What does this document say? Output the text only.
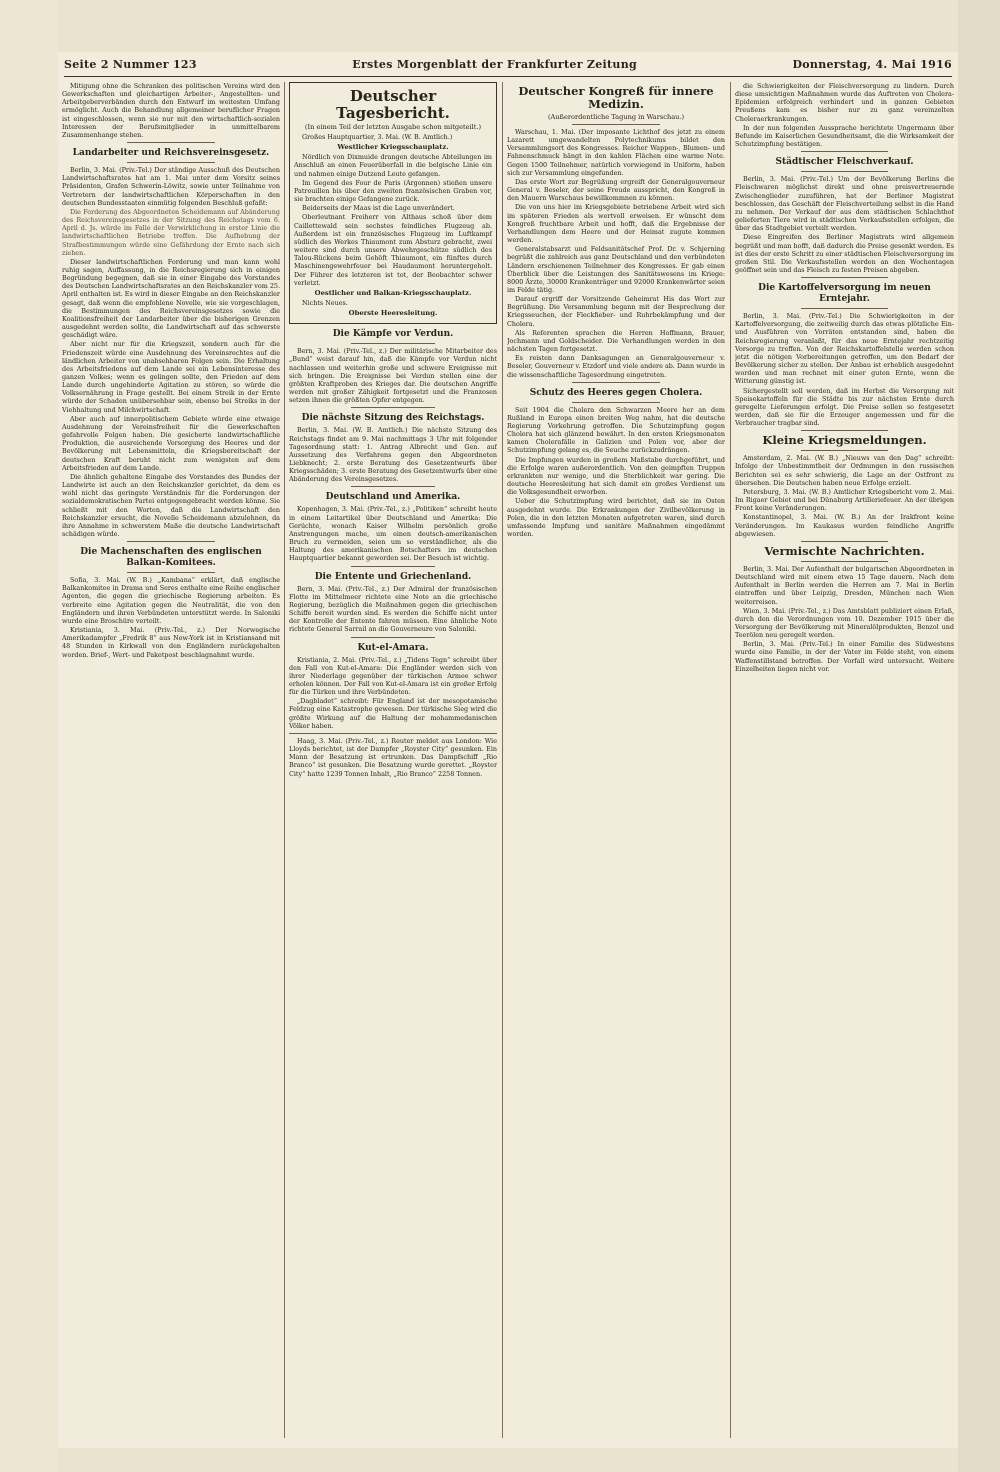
Seite 2 Nummer 123	Erstes Morgenblatt der Frankfurter Zeitung	Donnerstag, 4. Mai 1916

Mitigung ohne die Schranken des politischen Vereins wird den Gewerkschaften und gleichartigen Arbeiter-, Angestellten- und Arbeitgeberverbänden durch den Entwurf im weitesten Umfang ermöglicht. Auch die Behandlung allgemeiner beruflicher Fragen ist eingeschlossen, wenn sie nur mit den wirtschaftlich-sozialen Interessen der Berufsmitglieder in unmittelbarem Zusammenhange stehen.

Landarbeiter und Reichsvereinsgesetz.

Berlin, 3. Mai. (Priv.-Tel.) Der ständige Ausschuß des Deutschen Landwirtschaftsrates hat am 1. Mai unter dem Vorsitz seines Präsidenten, Grafen Schwerin-Löwitz, sowie unter Teilnahme von Vertretern der landwirtschaftlichen Körperschaften in den deutschen Bundesstaaten einmütig folgenden Beschluß gefaßt:

Die Forderung des Abgeordneten Scheidemann auf Abänderung des Reichsvereinsgesetzes in der Sitzung des Reichstags vom 6. April d. Js. würde im Falle der Verwirklichung in erster Linie die landwirtschaftlichen Betriebe treffen. Die Aufhebung der Strafbestimmungen würde eine Gefährdung der Ernte nach sich ziehen.

Dieser landwirtschaftlichen Forderung und man kann wohl ruhig sagen, Auffassung, in die Reichsregierung sich in einigen Begründung begegnen, daß sie in einer Eingabe des Vorstandes des Deutschen Landwirtschaftsrates an den Reichskanzler vom 25. April enthalten ist. Es wird in dieser Eingabe an den Reichskanzler gesagt, daß wenn die empfohlene Novelle, wie sie vorgeschlagen, die Bestimmungen des Reichsvereinsgesetzes sowie die Koalitionsfreiheit der Landarbeiter über die bisherigen Grenzen ausgedehnt werden sollte, die Landwirtschaft auf das schwerste geschädigt wäre.

Aber nicht nur für die Kriegszeit, sondern auch für die Friedenszeit würde eine Ausdehnung des Vereinsrechtes auf die ländlichen Arbeiter von unabsehbaren Folgen sein. Die Erhaltung des Arbeitsfriedens auf dem Lande sei ein Lebensinteresse des ganzen Volkes; wenn es gelingen sollte, den Frieden auf dem Lande durch ungehinderte Agitation zu stören, so würde die Volksernährung in Frage gestellt. Bei einem Streik in der Ernte würde der Schaden unübersehbar sein, ebenso bei Streiks in der Viehhaltung und Milchwirtschaft.

Aber auch auf innerpolitischem Gebiete würde eine etwaige Ausdehnung der Vereinsfreiheit für die Gewerkschaften gefahrvolle Folgen haben. Die gesicherte landwirtschaftliche Produktion, die ausreichende Versorgung des Heeres und der Bevölkerung mit Lebensmitteln, die Kriegsbereitschaft der deutschen Kraft beruht nicht zum wenigsten auf dem Arbeitsfrieden auf dem Lande.

Die ähnlich gehaltene Eingabe des Vorstandes des Bundes der Landwirte ist auch an den Reichskanzler gerichtet, da dem es wohl nicht das geringste Verständnis für die Forderungen der sozialdemokratischen Partei entgegengebracht werden könne. Sie schließt mit den Worten, daß die Landwirtschaft den Reichskanzler ersucht, die Novelle Scheidemann abzulehnen, da ihre Annahme in schwerstem Maße die deutsche Landwirtschaft schädigen würde.

Die Machenschaften des englischen Balkan-Komitees.

Sofia, 3. Mai. (W. B.) „Kambana“ erklärt, daß englische Balkankomitee in Drama und Seres enthalte eine Reihe englischer Agenten, die gegen die griechische Regierung arbeiten. Es verbreite eine Agitation gegen die Neutralität, die von den Engländern und ihren Verbündeten unterstützt werde. In Saloniki wurde eine Broschüre verteilt.

Kristiania, 3. Mai. (Priv.-Tel., z.) Der Norwegische Amerikadampfer „Fredrik 8“ aus New-York ist in Kristiansand mit 48 Stunden in Kirkwall von den Engländern zurückgehalten worden. Brief-, Wert- und Paketpost beschlagnahmt wurde.

Deutscher Tagesbericht.
(In einem Teil der letzten Ausgabe schon mitgeteilt.)

Großes Hauptquartier, 3. Mai. (W. B. Amtlich.)

Westlicher Kriegsschauplatz.

Nördlich von Dixmuide drangen deutsche Abteilungen im Anschluß an einen Feuerüberfall in die belgische Linie ein und nahmen einige Dutzend Leute gefangen.

Im Gegend des Four de Paris (Argonnen) stießen unsere Patrouillen bis über den zweiten französischen Graben vor, sie brachten einige Gefangene zurück.

Beiderseits der Maas ist die Lage unverändert.

Oberleutnant Freiherr von Althaus schoß über dem Caillettewald sein sechstes feindliches Flugzeug ab. Außerdem ist ein französisches Flugzeug im Luftkampf südlich des Werkes Thiaumont zum Absturz gebracht, zwei weitere sind durch unsere Abwehrgeschütze südlich des Talou-Rückens beim Gehöft Thiaumont, ein fünftes durch Maschinengewehrfeuer bei Haudaumont heruntergeholt. Der Führer des letzteren ist tot, der Beobachter schwer verletzt.

Oestlicher und Balkan-Kriegsschauplatz.

Nichts Neues.

Oberste Heeresleitung.
Die Kämpfe vor Verdun.

Bern, 3. Mai. (Priv.-Tel., z.) Der militärische Mitarbeiter des „Bund“ weist darauf hin, daß die Kämpfe vor Verdun nicht nachlassen und weiterhin große und schwere Ereignisse mit sich bringen. Die Ereignisse bei Verdun stellen eine der größten Kraftproben des Krieges dar. Die deutschen Angriffe werden mit großer Zähigkeit fortgesetzt und die Franzosen setzen ihnen die größten Opfer entgegen.

Die nächste Sitzung des Reichstags.

Berlin, 3. Mai. (W. B. Amtlich.) Die nächste Sitzung des Reichstags findet am 9. Mai nachmittags 3 Uhr mit folgender Tagesordnung statt: 1. Antrag Albrecht und Gen. auf Aussetzung des Verfahrens gegen den Abgeordneten Liebknecht; 2. erste Beratung des Gesetzentwurfs über Kriegsschäden; 3. erste Beratung des Gesetzentwurfs über eine Abänderung des Vereinsgesetzes.

Deutschland und Amerika.

Kopenhagen, 3. Mai. (Priv.-Tel., z.) „Politiken“ schreibt heute in einem Leitartikel über Deutschland und Amerika: Die Gerüchte, wonach Kaiser Wilhelm persönlich große Anstrengungen mache, um einen deutsch-amerikanischen Bruch zu vermeiden, seien um so verständlicher, als die Haltung des amerikanischen Botschafters im deutschen Hauptquartier bekannt geworden sei. Der Besuch ist wichtig.

Die Entente und Griechenland.

Bern, 3. Mai. (Priv.-Tel., z.) Der Admiral der französischen Flotte im Mittelmeer richtete eine Note an die griechische Regierung, bezüglich die Maßnahmen gegen die griechischen Schiffe bereit wurden sind. Es werden die Schiffe nicht unter der Kontrolle der Entente fahren müssen. Eine ähnliche Note richtete General Sarrail an die Gouverneure von Saloniki.

Kut-el-Amara.

Kristiania, 2. Mai. (Priv.-Tel., z.) „Tidens Tegn“ schreibt über den Fall von Kut-el-Amara: Die Engländer werden sich von ihrer Niederlage gegenüber der türkischen Armee schwer erholen können. Der Fall von Kut-el-Amara ist ein großer Erfolg für die Türken und ihre Verbündeten.

„Dagbladet“ schreibt: Für England ist der mesopotamische Feldzug eine Katastrophe gewesen. Der türkische Sieg wird die größte Wirkung auf die Haltung der mohammedanischen Völker haben.

Haag, 3. Mai. (Priv.-Tel., z.) Reuter meldet aus London: Wie Lloyds berichtet, ist der Dampfer „Royster City“ gesunken. Ein Mann der Besatzung ist ertrunken. Das Dampfschiff „Rio Branco“ ist gesunken. Die Besatzung wurde gerettet. „Royster City“ hatte 1239 Tonnen Inhalt, „Rio Branco“ 2258 Tonnen.

Deutscher Kongreß für innere Medizin.
(Außerordentliche Tagung in Warschau.)

Warschau, 1. Mai. (Der imposante Lichthof des jetzt zu einem Lazarett umgewandelten Polytechnikums bildet den Versammlungsort des Kongresses. Reicher Wappen-, Blumen- und Fahnenschmuck hängt in den kahlen Flächen eine warme Note. Gegen 1500 Teilnehmer, natürlich vorwiegend in Uniform, haben sich zur Versammlung eingefunden.

Das erste Wort zur Begrüßung ergreift der Generalgouverneur General v. Beseler, der seine Freude ausspricht, den Kongreß in den Mauern Warschaus bewillkommnen zu können.

Die von uns hier im Kriegsgebiete betriebene Arbeit wird sich im späteren Frieden als wertvoll erweisen. Er wünscht dem Kongreß fruchtbare Arbeit und hofft, daß die Ergebnisse der Verhandlungen dem Heere und der Heimat zugute kommen werden.

Generalstabsarzt und Feldsanitätschef Prof. Dr. v. Schjerning begrüßt die zahlreich aus ganz Deutschland und den verbündeten Ländern erschienenen Teilnehmer des Kongresses. Er gab einen Überblick über die Leistungen des Sanitätswesens im Kriege: 8000 Ärzte, 30000 Krankenträger und 92000 Krankenwärter seien im Felde tätig.

Darauf ergriff der Vorsitzende Geheimrat His das Wort zur Begrüßung. Die Versammlung begann mit der Besprechung der Kriegsseuchen, der Fleckfieber- und Ruhrbekämpfung und der Cholera.

Als Referenten sprachen die Herren Hoffmann, Brauer, Jochmann und Goldscheider. Die Verhandlungen werden in den nächsten Tagen fortgesetzt.

Es reisten dann Danksagungen an Generalgouverneur v. Beseler, Gouverneur v. Etzdorf und viele andere ab. Dann wurde in die wissenschaftliche Tagesordnung eingetreten.

Schutz des Heeres gegen Cholera.

Seit 1904 die Cholera den Schwarzen Meere her an dem Rußland in Europa einen breiten Weg nahm, hat die deutsche Regierung Vorkehrung getroffen. Die Schutzimpfung gegen Cholera hat sich glänzend bewährt. In den ersten Kriegsmonaten kamen Cholerafälle in Galizien und Polen vor, aber der Schutzimpfung gelang es, die Seuche zurückzudrängen.

Die Impfungen wurden in großem Maßstabe durchgeführt, und die Erfolge waren außerordentlich. Von den geimpften Truppen erkrankten nur wenige, und die Sterblichkeit war gering. Die deutsche Heeresleitung hat sich damit ein großes Verdienst um die Volksgesundheit erworben.

Ueber die Schutzimpfung wird berichtet, daß sie im Osten ausgedehnt wurde. Die Erkrankungen der Zivilbevölkerung in Polen, die in den letzten Monaten aufgetreten waren, sind durch umfassende Impfung und sanitäre Maßnahmen eingedämmt worden.

die Schwierigkeiten der Fleischversorgung zu lindern. Durch diese umsichtigen Maßnahmen wurde das Auftreten von Cholera-Epidemien erfolgreich verhindert und in ganzen Gebieten Preußens kam es bisher nur zu ganz vereinzelten Choleraerkrankungen.

In der nun folgenden Aussprache berichtete Ungermann über Befunde im Kaiserlichen Gesundheitsamt, die die Wirksamkeit der Schutzimpfung bestätigen.

Städtischer Fleischverkauf.

Berlin, 3. Mai. (Priv.-Tel.) Um der Bevölkerung Berlins die Fleischwaren möglichst direkt und ohne preisvertreuernde Zwischenglieder zuzuführen, hat der Berliner Magistrat beschlossen, das Geschäft der Fleischverteilung selbst in die Hand zu nehmen. Der Verkauf der aus dem städtischen Schlachthof gelieferten Tiere wird in städtischen Verkaufsstellen erfolgen, die über das Stadtgebiet verteilt werden.

Diese Eingreifen des Berliner Magistrats wird allgemein begrüßt und man hofft, daß dadurch die Preise gesenkt werden. Es ist dies der erste Schritt zu einer städtischen Fleischversorgung im großen Stil. Die Verkaufsstellen werden an den Wochentagen geöffnet sein und das Fleisch zu festen Preisen abgeben.

Die Kartoffelversorgung im neuen Erntejahr.

Berlin, 3. Mai. (Priv.-Tel.) Die Schwierigkeiten in der Kartoffelversorgung, die zeitweilig durch das etwas plötzliche Ein- und Ausführen von Vorräten entstanden sind, haben die Reichsregierung veranlaßt, für das neue Erntejahr rechtzeitig Vorsorge zu treffen. Von der Reichskartoffelstelle werden schon jetzt die nötigen Vorbereitungen getroffen, um den Bedarf der Bevölkerung sicher zu stellen. Der Anbau ist erheblich ausgedehnt worden und man rechnet mit einer guten Ernte, wenn die Witterung günstig ist.

Sichergestellt soll werden, daß im Herbst die Versorgung mit Speisekartoffeln für die Städte bis zur nächsten Ernte durch geregelte Lieferungen erfolgt. Die Preise sollen so festgesetzt werden, daß sie für die Erzeuger angemessen und für die Verbraucher tragbar sind.

Kleine Kriegsmeldungen.

Amsterdam, 2. Mai. (W. B.) „Nieuws van den Dag“ schreibt: Infolge der Unbestimmtheit der Ordnungen in den russischen Berichten sei es sehr schwierig, die Lage an der Ostfront zu übersehen. Die Deutschen haben neue Erfolge erzielt.

Petersburg, 3. Mai. (W. B.) Amtlicher Kriegsbericht vom 2. Mai. Im Rigaer Gebiet und bei Dünaburg Artilleriefeuer. An der übrigen Front keine Veränderungen.

Konstantinopel, 3. Mai. (W. B.) An der Irakfront keine Veränderungen. Im Kaukasus wurden feindliche Angriffe abgewiesen.

Vermischte Nachrichten.

Berlin, 3. Mai. Der Aufenthalt der bulgarischen Abgeordneten in Deutschland wird mit einem etwa 15 Tage dauern. Nach dem Aufenthalt in Berlin werden die Herren am 7. Mai in Berlin eintreffen und über Leipzig, Dresden, München nach Wien weiterreisen.

Wien, 3. Mai. (Priv.-Tel., z.) Das Amtsblatt publiziert einen Erlaß, durch den die Verordnungen vom 10. Dezember 1915 über die Versorgung der Bevölkerung mit Mineralölprodukten, Benzol und Teerölen neu geregelt werden.

Berlin, 3. Mai. (Priv.-Tel.) In einer Familie des Südwestens wurde eine Familie, in der der Vater im Felde steht, von einem Waffenstillstand betroffen. Der Vorfall wird untersucht. Weitere Einzelheiten liegen nicht vor.
